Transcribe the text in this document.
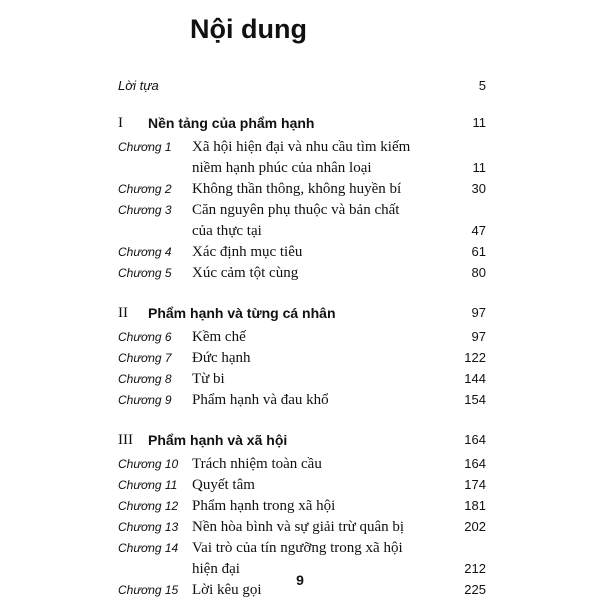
Nội dung
Lời tựa	5
I Nền tảng của phẩm hạnh	11
Chương 1 Xã hội hiện đại và nhu cầu tìm kiếm
niềm hạnh phúc của nhân loại	11
Chương 2 Không thần thông, không huyền bí	30
Chương 3 Căn nguyên phụ thuộc và bản chất
của thực tại	47
Chương 4 Xác định mục tiêu	61
Chương 5 Xúc cảm tột cùng	80
II Phẩm hạnh và từng cá nhân	97
Chương 6 Kềm chế	97
Chương 7 Đức hạnh	122
Chương 8 Từ bi	144
Chương 9 Phẩm hạnh và đau khổ	154
III Phẩm hạnh và xã hội	164
Chương 10 Trách nhiệm toàn cầu	164
Chương 11 Quyết tâm	174
Chương 12 Phẩm hạnh trong xã hội	181
Chương 13 Nền hòa bình và sự giải trừ quân bị	202
Chương 14 Vai trò của tín ngưỡng trong xã hội
hiện đại	212
Chương 15 Lời kêu gọi	225
9
